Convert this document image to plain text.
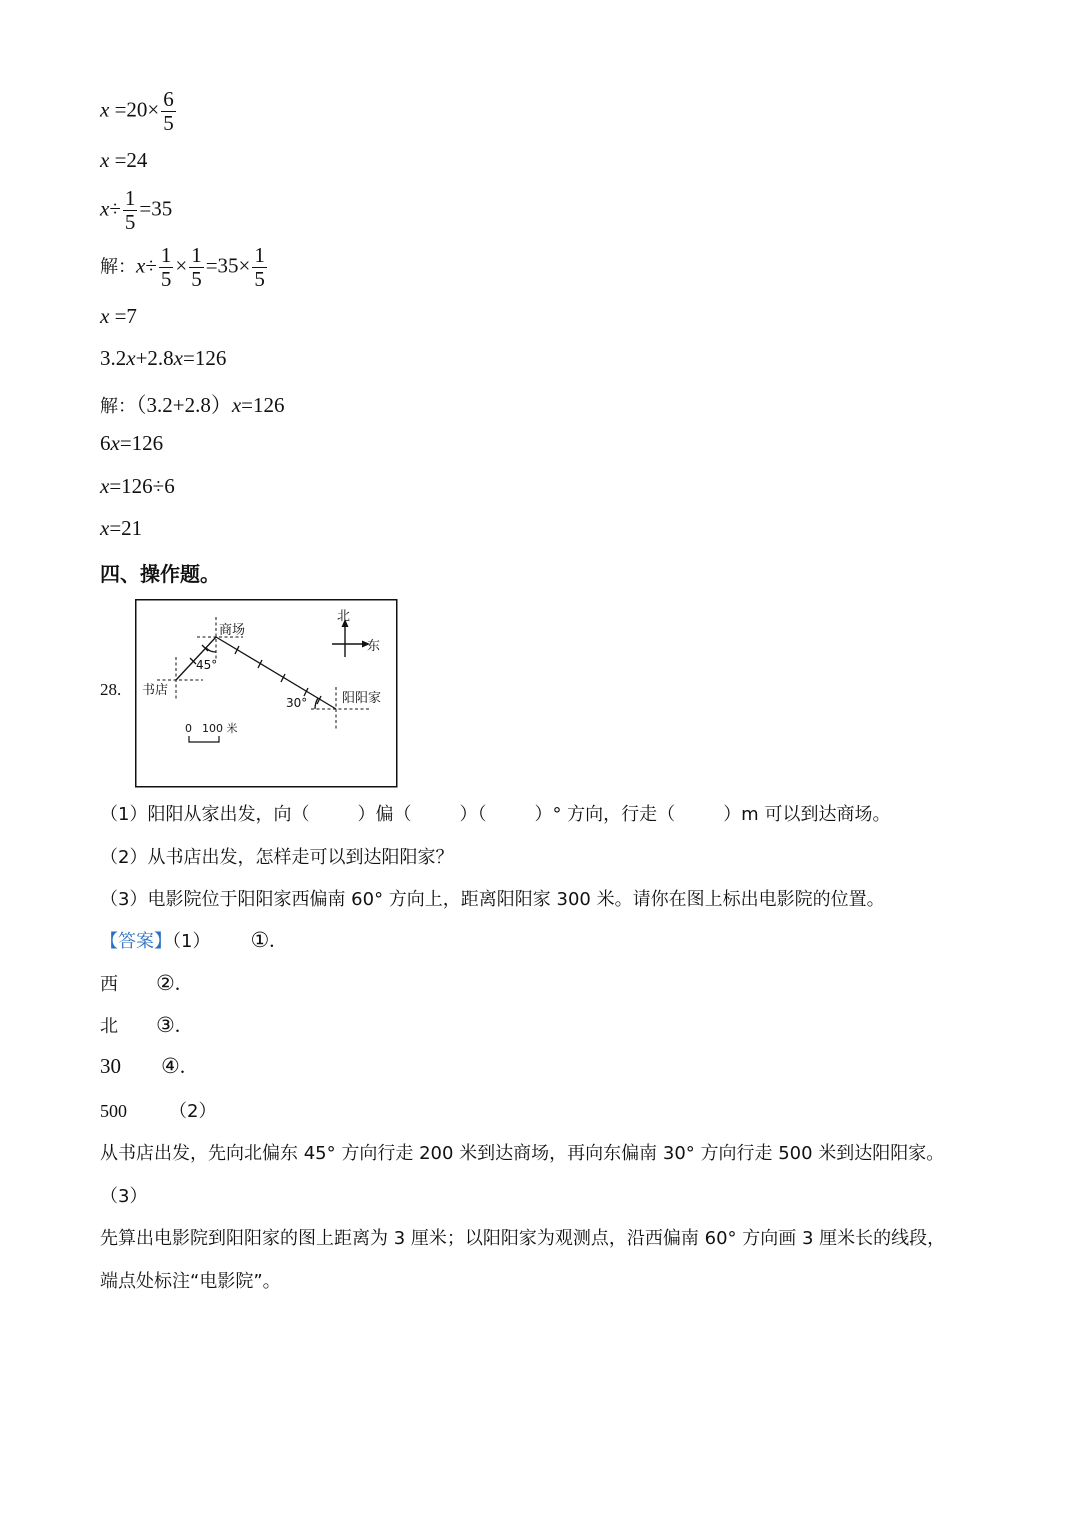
$x =20\times \frac{6}{5}$
x =24
$x\div \frac{1}{5} =35$
解：$x\div \frac{1}{5} \times \frac{1}{5} =35\times \frac{1}{5}$
x =7
3.2x+2.8x=126
解：（3.2+2.8）x=126
6x=126
x=126÷6
x=21
四、操作题。
28.
北
东
商场
书店
阳阳家
45°
30°
0 100 米
（1）阳阳从家出发，向（	）偏（	）（	）° 方向，行走（	）m 可以到达商场。
（2）从书店出发，怎样走可以到达阳阳家？
（3）电影院位于阳阳家西偏南 60° 方向上，距离阳阳家 300 米。请你在图上标出电影院的位置。
【答案】（1） ①.
西 ②.
北 ③.
30 ④.
500 （2）
从书店出发，先向北偏东 45° 方向行走 200 米到达商场，再向东偏南 30° 方向行走 500 米到达阳阳家。
（3）
先算出电影院到阳阳家的图上距离为 3 厘米；以阳阳家为观测点，沿西偏南 60° 方向画 3 厘米长的线段，
端点处标注“电影院”。
